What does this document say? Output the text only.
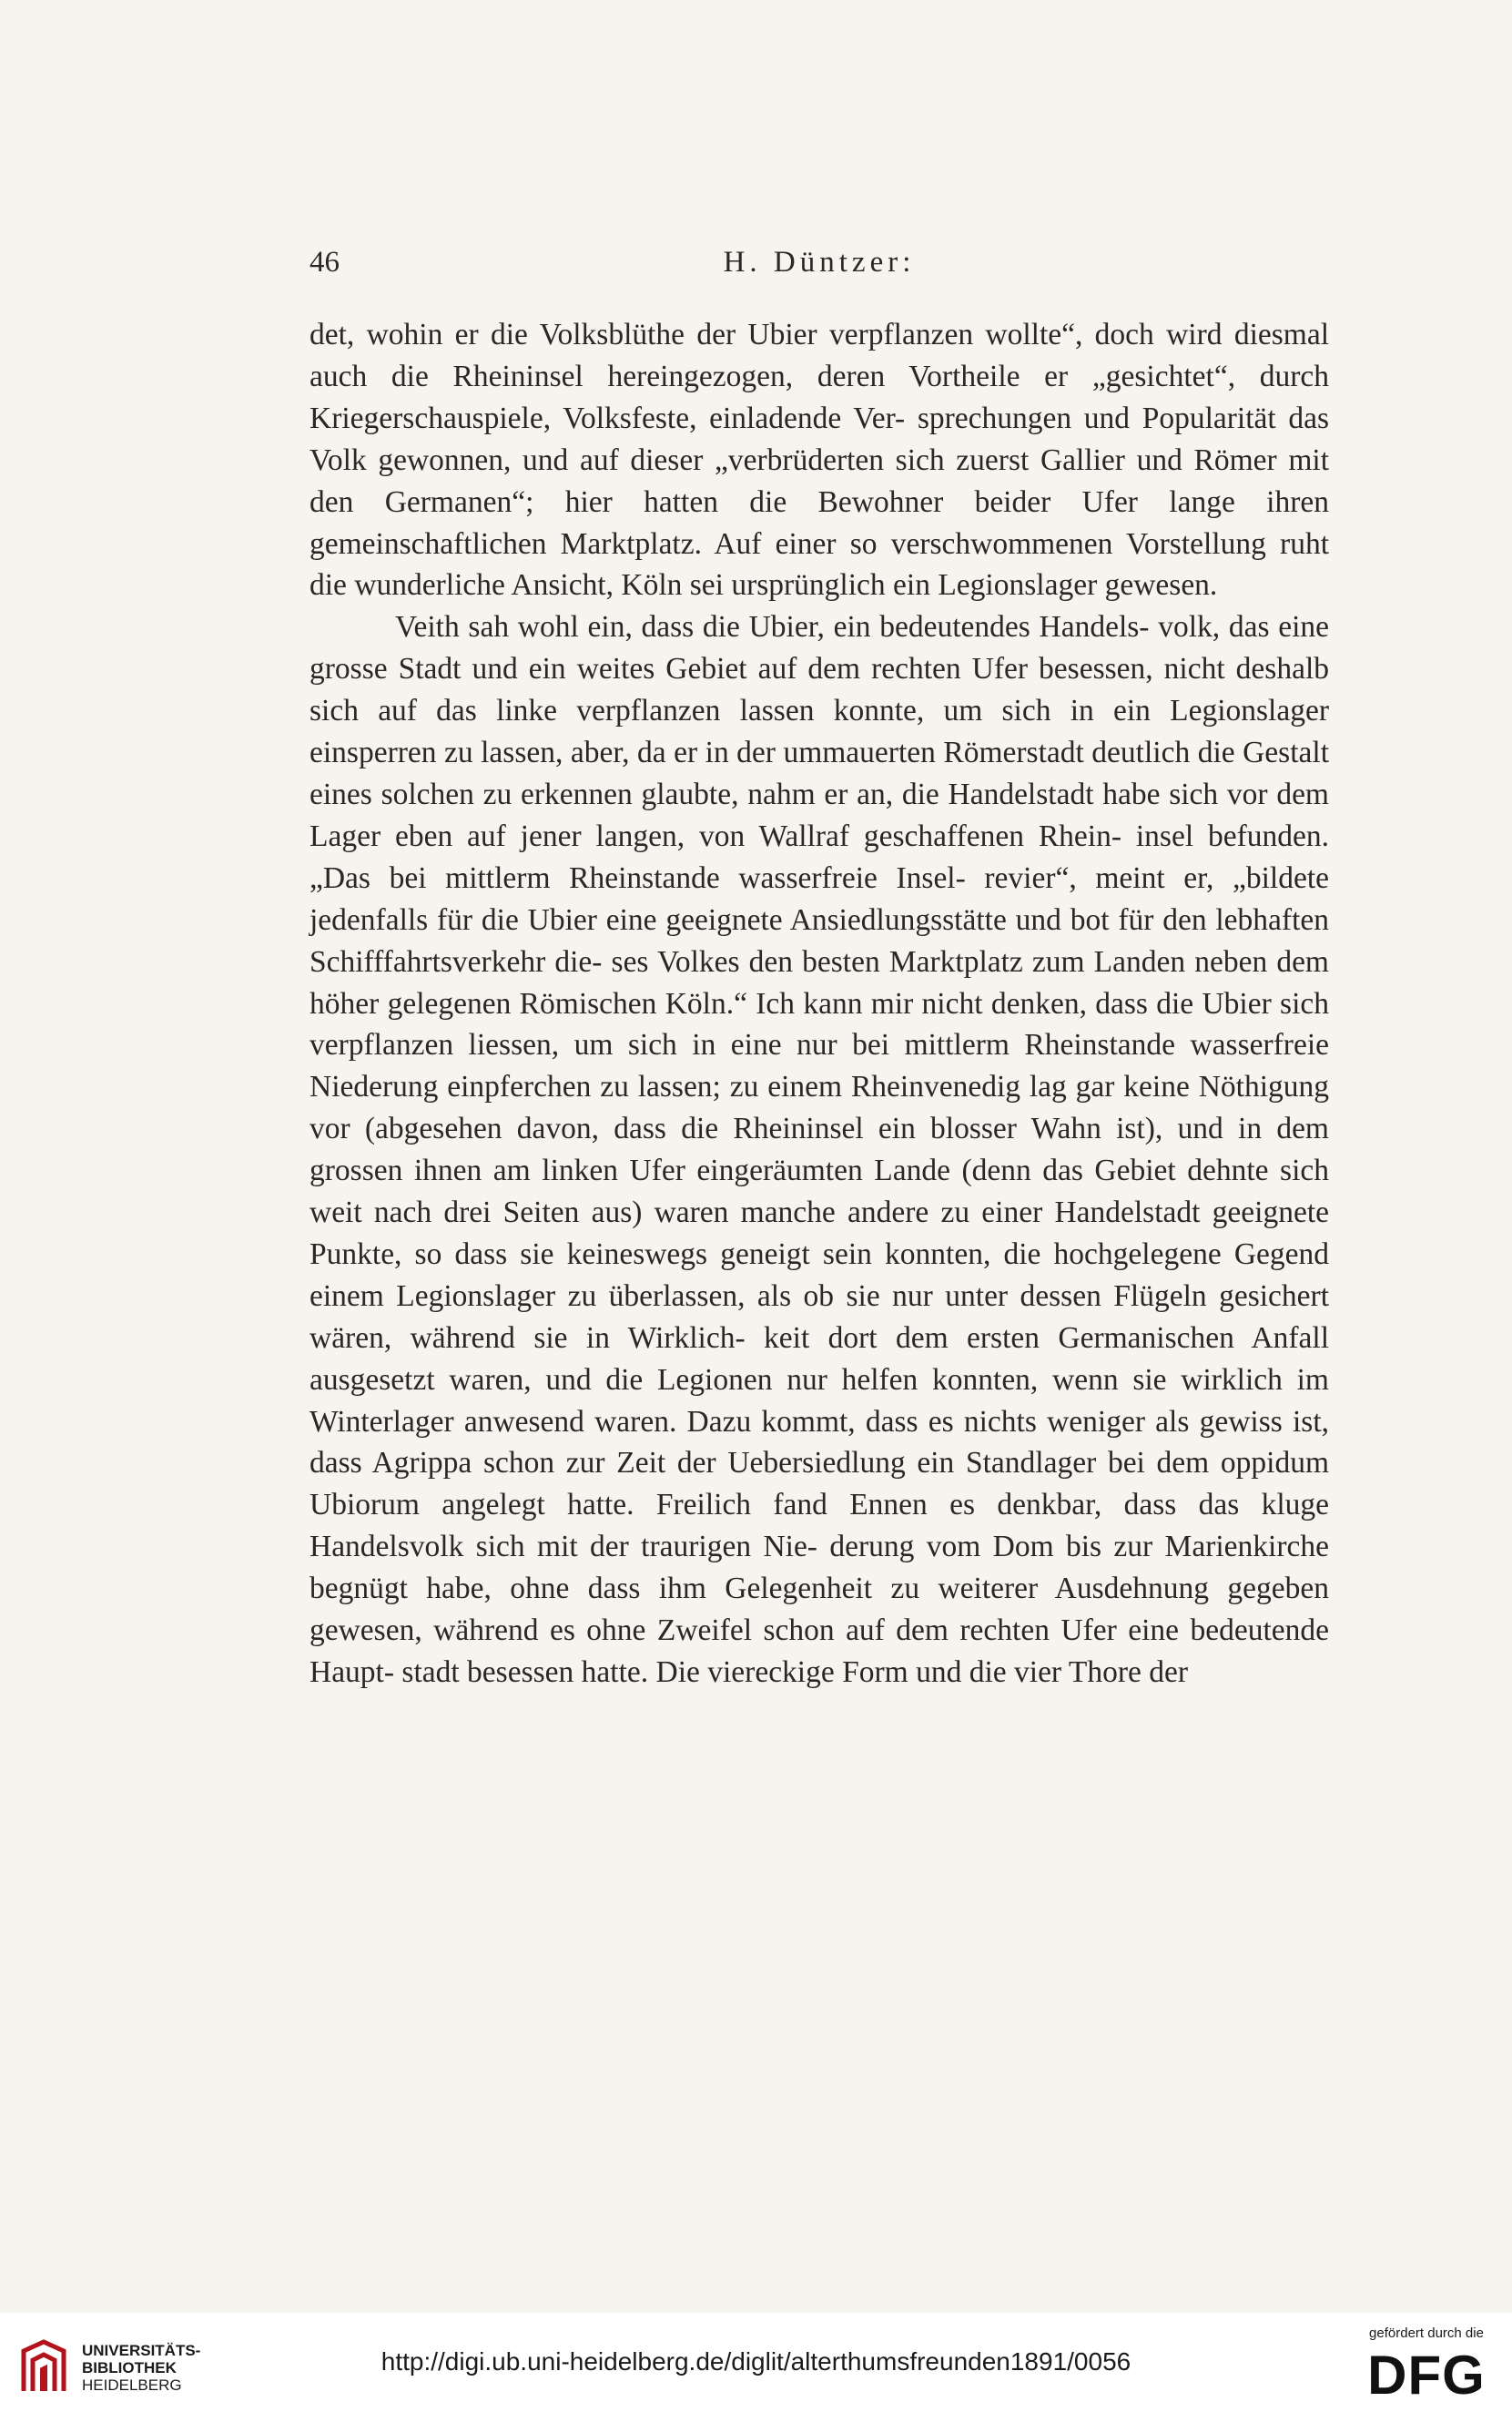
46	H. Düntzer:

det, wohin er die Volksblüthe der Ubier verpflanzen wollte“, doch wird diesmal auch die Rheininsel hereingezogen, deren Vortheile er „gesichtet“, durch Kriegerschauspiele, Volksfeste, einladende Ver- sprechungen und Popularität das Volk gewonnen, und auf dieser „verbrüderten sich zuerst Gallier und Römer mit den Germanen“; hier hatten die Bewohner beider Ufer lange ihren gemeinschaftlichen Marktplatz. Auf einer so verschwommenen Vorstellung ruht die wunderliche Ansicht, Köln sei ursprünglich ein Legionslager gewesen.

Veith sah wohl ein, dass die Ubier, ein bedeutendes Handels- volk, das eine grosse Stadt und ein weites Gebiet auf dem rechten Ufer besessen, nicht deshalb sich auf das linke verpflanzen lassen konnte, um sich in ein Legionslager einsperren zu lassen, aber, da er in der ummauerten Römerstadt deutlich die Gestalt eines solchen zu erkennen glaubte, nahm er an, die Handelstadt habe sich vor dem Lager eben auf jener langen, von Wallraf geschaffenen Rhein- insel befunden. „Das bei mittlerm Rheinstande wasserfreie Insel- revier“, meint er, „bildete jedenfalls für die Ubier eine geeignete Ansiedlungsstätte und bot für den lebhaften Schifffahrtsverkehr die- ses Volkes den besten Marktplatz zum Landen neben dem höher gelegenen Römischen Köln.“ Ich kann mir nicht denken, dass die Ubier sich verpflanzen liessen, um sich in eine nur bei mittlerm Rheinstande wasserfreie Niederung einpferchen zu lassen; zu einem Rheinvenedig lag gar keine Nöthigung vor (abgesehen davon, dass die Rheininsel ein blosser Wahn ist), und in dem grossen ihnen am linken Ufer eingeräumten Lande (denn das Gebiet dehnte sich weit nach drei Seiten aus) waren manche andere zu einer Handelstadt geeignete Punkte, so dass sie keineswegs geneigt sein konnten, die hochgelegene Gegend einem Legionslager zu überlassen, als ob sie nur unter dessen Flügeln gesichert wären, während sie in Wirklich- keit dort dem ersten Germanischen Anfall ausgesetzt waren, und die Legionen nur helfen konnten, wenn sie wirklich im Winterlager anwesend waren. Dazu kommt, dass es nichts weniger als gewiss ist, dass Agrippa schon zur Zeit der Uebersiedlung ein Standlager bei dem oppidum Ubiorum angelegt hatte. Freilich fand Ennen es denkbar, dass das kluge Handelsvolk sich mit der traurigen Nie- derung vom Dom bis zur Marienkirche begnügt habe, ohne dass ihm Gelegenheit zu weiterer Ausdehnung gegeben gewesen, während es ohne Zweifel schon auf dem rechten Ufer eine bedeutende Haupt- stadt besessen hatte. Die viereckige Form und die vier Thore der

UNIVERSITÄTS-
BIBLIOTHEK
HEIDELBERG
http://digi.ub.uni-heidelberg.de/diglit/alterthumsfreunden1891/0056
gefördert durch die
DFG
